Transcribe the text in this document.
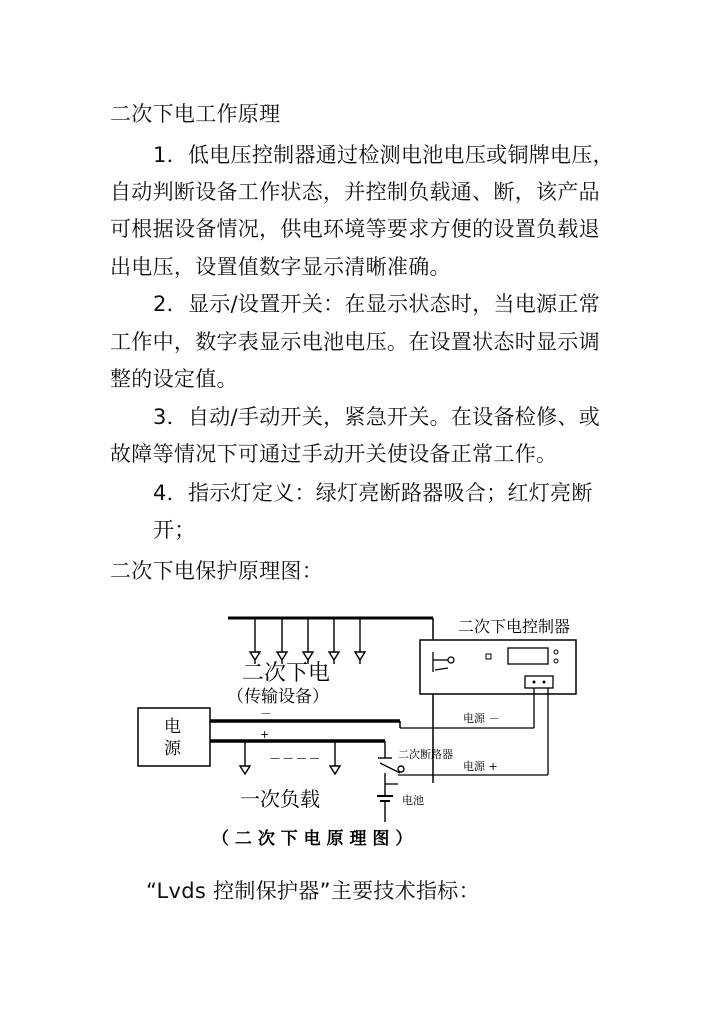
二次下电工作原理
1．低电压控制器通过检测电池电压或铜牌电压，
自动判断设备工作状态，并控制负载通、断，该产品
可根据设备情况，供电环境等要求方便的设置负载退
出电压，设置值数字显示清晰准确。
2．显示/设置开关：在显示状态时，当电源正常
工作中，数字表显示电池电压。在设置状态时显示调
整的设定值。
3．自动/手动开关，紧急开关。在设备检修、或
故障等情况下可通过手动开关使设备正常工作。
4．指示灯定义：绿灯亮断路器吸合；红灯亮断
开；
二次下电保护原理图：
二次下电
（传输设备）
电
源
－
+
— — — —
一次负载
二次断路器
电池
二次下电控制器
电源 －
电源 +
（ 二 次 下 电 原 理 图 ）
“Lvds 控制保护器”主要技术指标：
